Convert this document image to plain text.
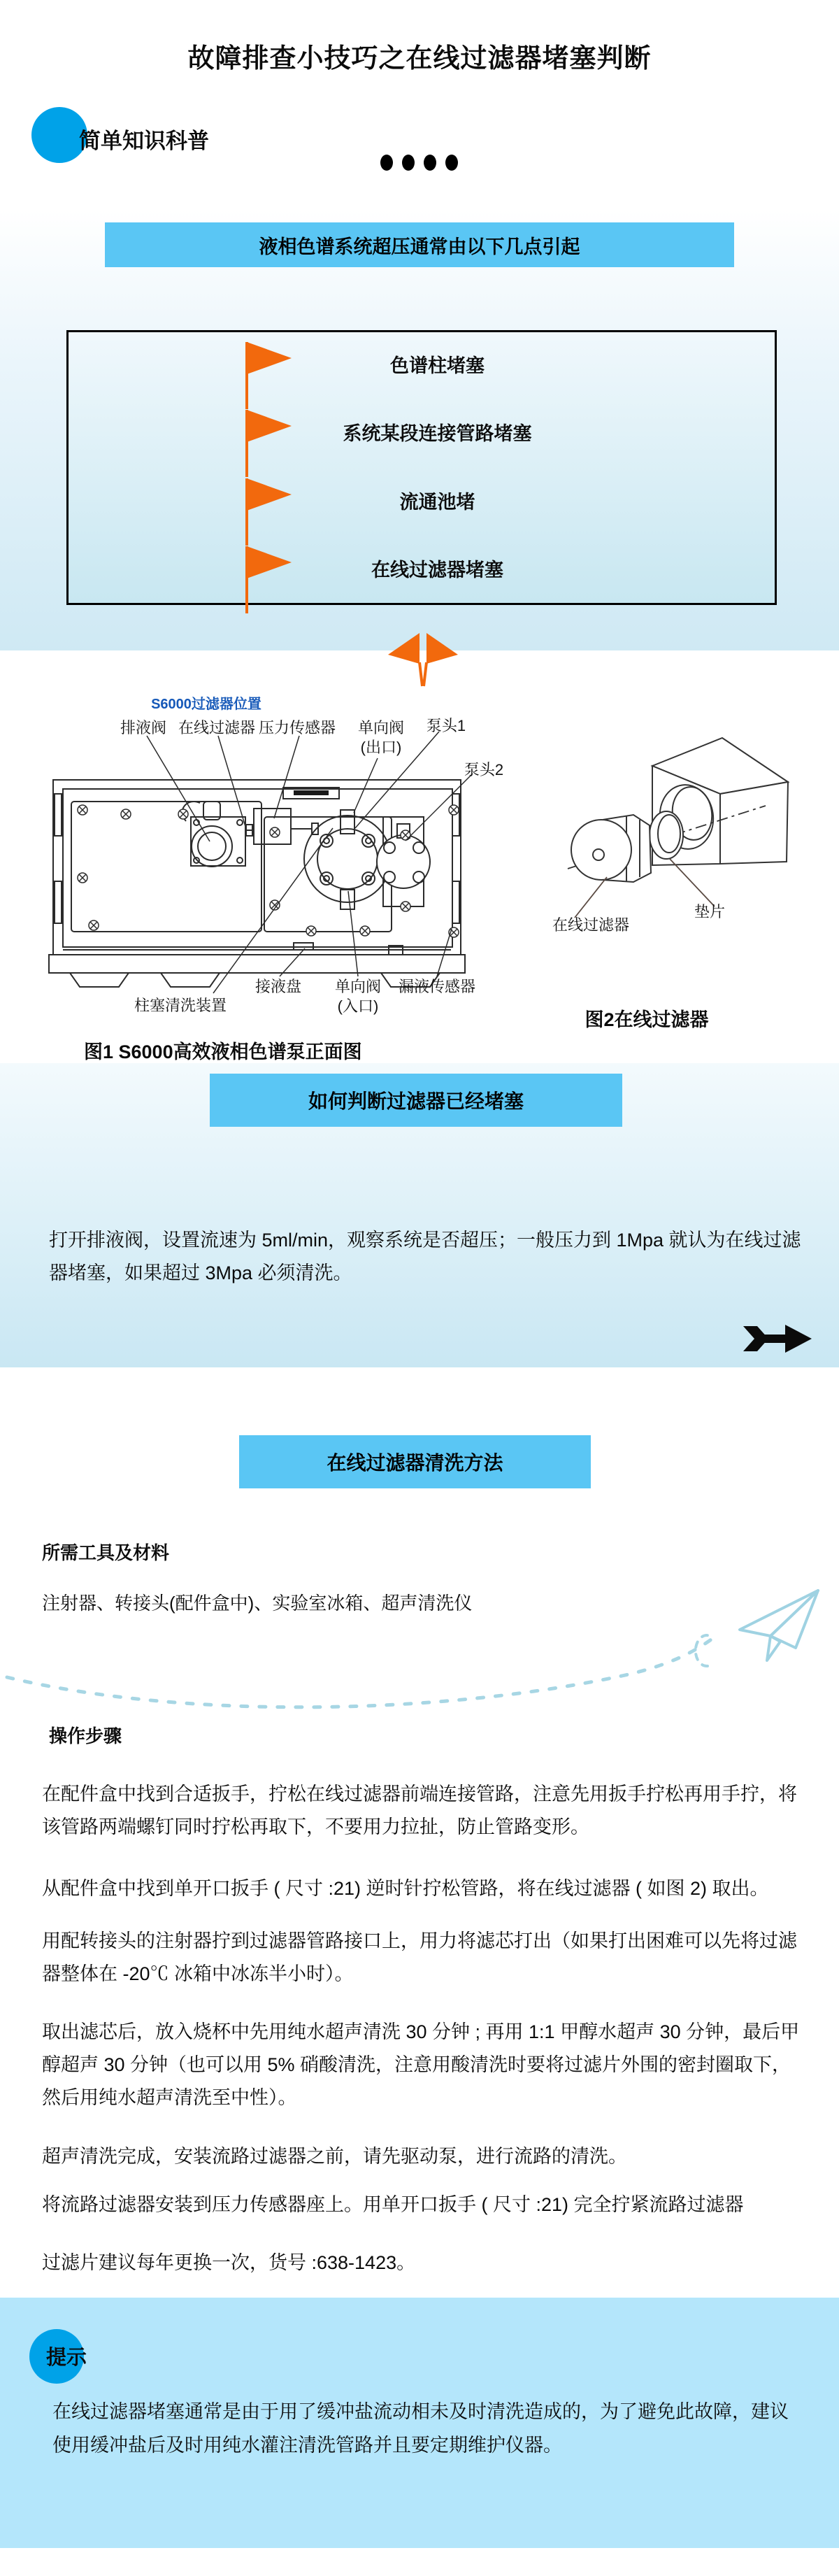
故障排查小技巧之在线过滤器堵塞判断
简单知识科普
液相色谱系统超压通常由以下几点引起
色谱柱堵塞
系统某段连接管路堵塞
流通池堵
在线过滤器堵塞
S6000过滤器位置
排液阀 在线过滤器 压力传感器	单向阀
(出口)
泵头1
泵头2
柱塞清洗装置
接液盘	单向阀
(入口)
漏液传感器
图1 S6000高效液相色谱泵正面图
在线过滤器
垫片
图2在线过滤器
如何判断过滤器已经堵塞
打开排液阀，设置流速为 5ml/min，观察系统是否超压；一般压力到 1Mpa 就认为在线过滤器堵塞，如果超过 3Mpa 必须清洗。
在线过滤器清洗方法
所需工具及材料
注射器、转接头(配件盒中)、实验室冰箱、超声清洗仪
操作步骤
在配件盒中找到合适扳手，拧松在线过滤器前端连接管路，注意先用扳手拧松再用手拧，将该管路两端螺钉同时拧松再取下，不要用力拉扯，防止管路变形。
从配件盒中找到单开口扳手 ( 尺寸 :21) 逆时针拧松管路，将在线过滤器 ( 如图 2) 取出。
用配转接头的注射器拧到过滤器管路接口上，用力将滤芯打出（如果打出困难可以先将过滤器整体在 -20℃ 冰箱中冰冻半小时）。
取出滤芯后，放入烧杯中先用纯水超声清洗 30 分钟 ; 再用 1:1 甲醇水超声 30 分钟，最后甲醇超声 30 分钟（也可以用 5% 硝酸清洗，注意用酸清洗时要将过滤片外围的密封圈取下，然后用纯水超声清洗至中性）。
超声清洗完成，安装流路过滤器之前，请先驱动泵，进行流路的清洗。
将流路过滤器安装到压力传感器座上。用单开口扳手 ( 尺寸 :21) 完全拧紧流路过滤器
过滤片建议每年更换一次，货号 :638-1423。
提示
在线过滤器堵塞通常是由于用了缓冲盐流动相未及时清洗造成的，为了避免此故障，建议使用缓冲盐后及时用纯水灌注清洗管路并且要定期维护仪器。
